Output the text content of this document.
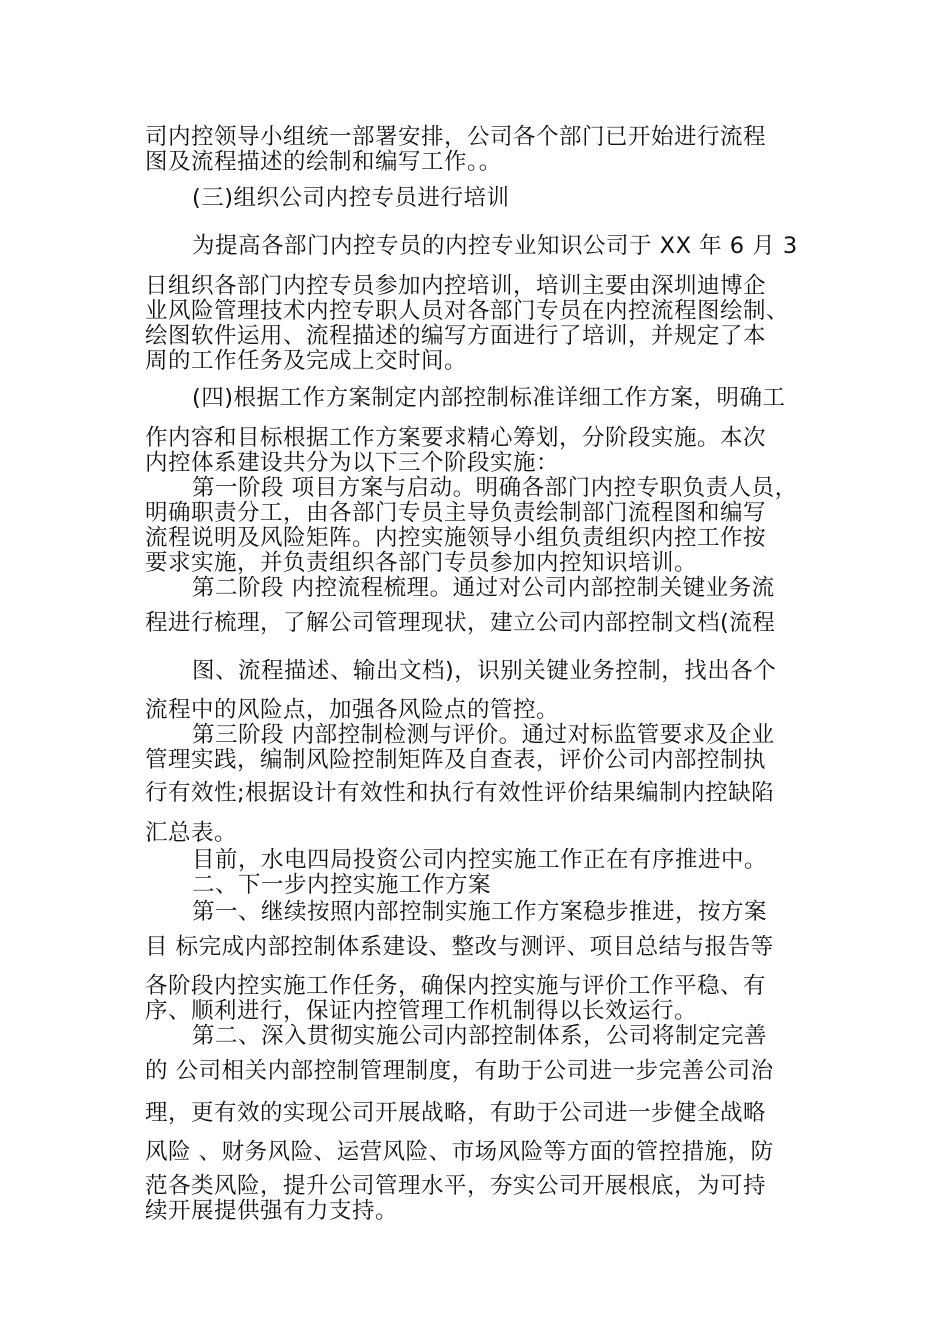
司内控领导小组统一部署安排，公司各个部门已开始进行流程
图及流程描述的绘制和编写工作。。
(三)组织公司内控专员进行培训
为提高各部门内控专员的内控专业知识公司于 XX 年 6 月 3
日组织各部门内控专员参加内控培训，培训主要由深圳迪博企
业风险管理技术内控专职人员对各部门专员在内控流程图绘制、
绘图软件运用、流程描述的编写方面进行了培训，并规定了本
周的工作任务及完成上交时间。
(四)根据工作方案制定内部控制标准详细工作方案，明确工
作内容和目标根据工作方案要求精心筹划，分阶段实施。本次
内控体系建设共分为以下三个阶段实施：
第一阶段 项目方案与启动。明确各部门内控专职负责人员，
明确职责分工，由各部门专员主导负责绘制部门流程图和编写
流程说明及风险矩阵。内控实施领导小组负责组织内控工作按
要求实施，并负责组织各部门专员参加内控知识培训。
第二阶段 内控流程梳理。通过对公司内部控制关键业务流
程进行梳理，了解公司管理现状，建立公司内部控制文档(流程
图、流程描述、输出文档)，识别关键业务控制，找出各个
流程中的风险点，加强各风险点的管控。
第三阶段 内部控制检测与评价。通过对标监管要求及企业
管理实践，编制风险控制矩阵及自查表，评价公司内部控制执
行有效性;根据设计有效性和执行有效性评价结果编制内控缺陷
汇总表。
目前，水电四局投资公司内控实施工作正在有序推进中。
二、下一步内控实施工作方案
第一、继续按照内部控制实施工作方案稳步推进，按方案
目 标完成内部控制体系建设、整改与测评、项目总结与报告等
各阶段内控实施工作任务，确保内控实施与评价工作平稳、有
序、顺利进行，保证内控管理工作机制得以长效运行。
第二、深入贯彻实施公司内部控制体系，公司将制定完善
的 公司相关内部控制管理制度，有助于公司进一步完善公司治
理，更有效的实现公司开展战略，有助于公司进一步健全战略
风险 、财务风险、运营风险、市场风险等方面的管控措施，防
范各类风险，提升公司管理水平，夯实公司开展根底，为可持
续开展提供强有力支持。
